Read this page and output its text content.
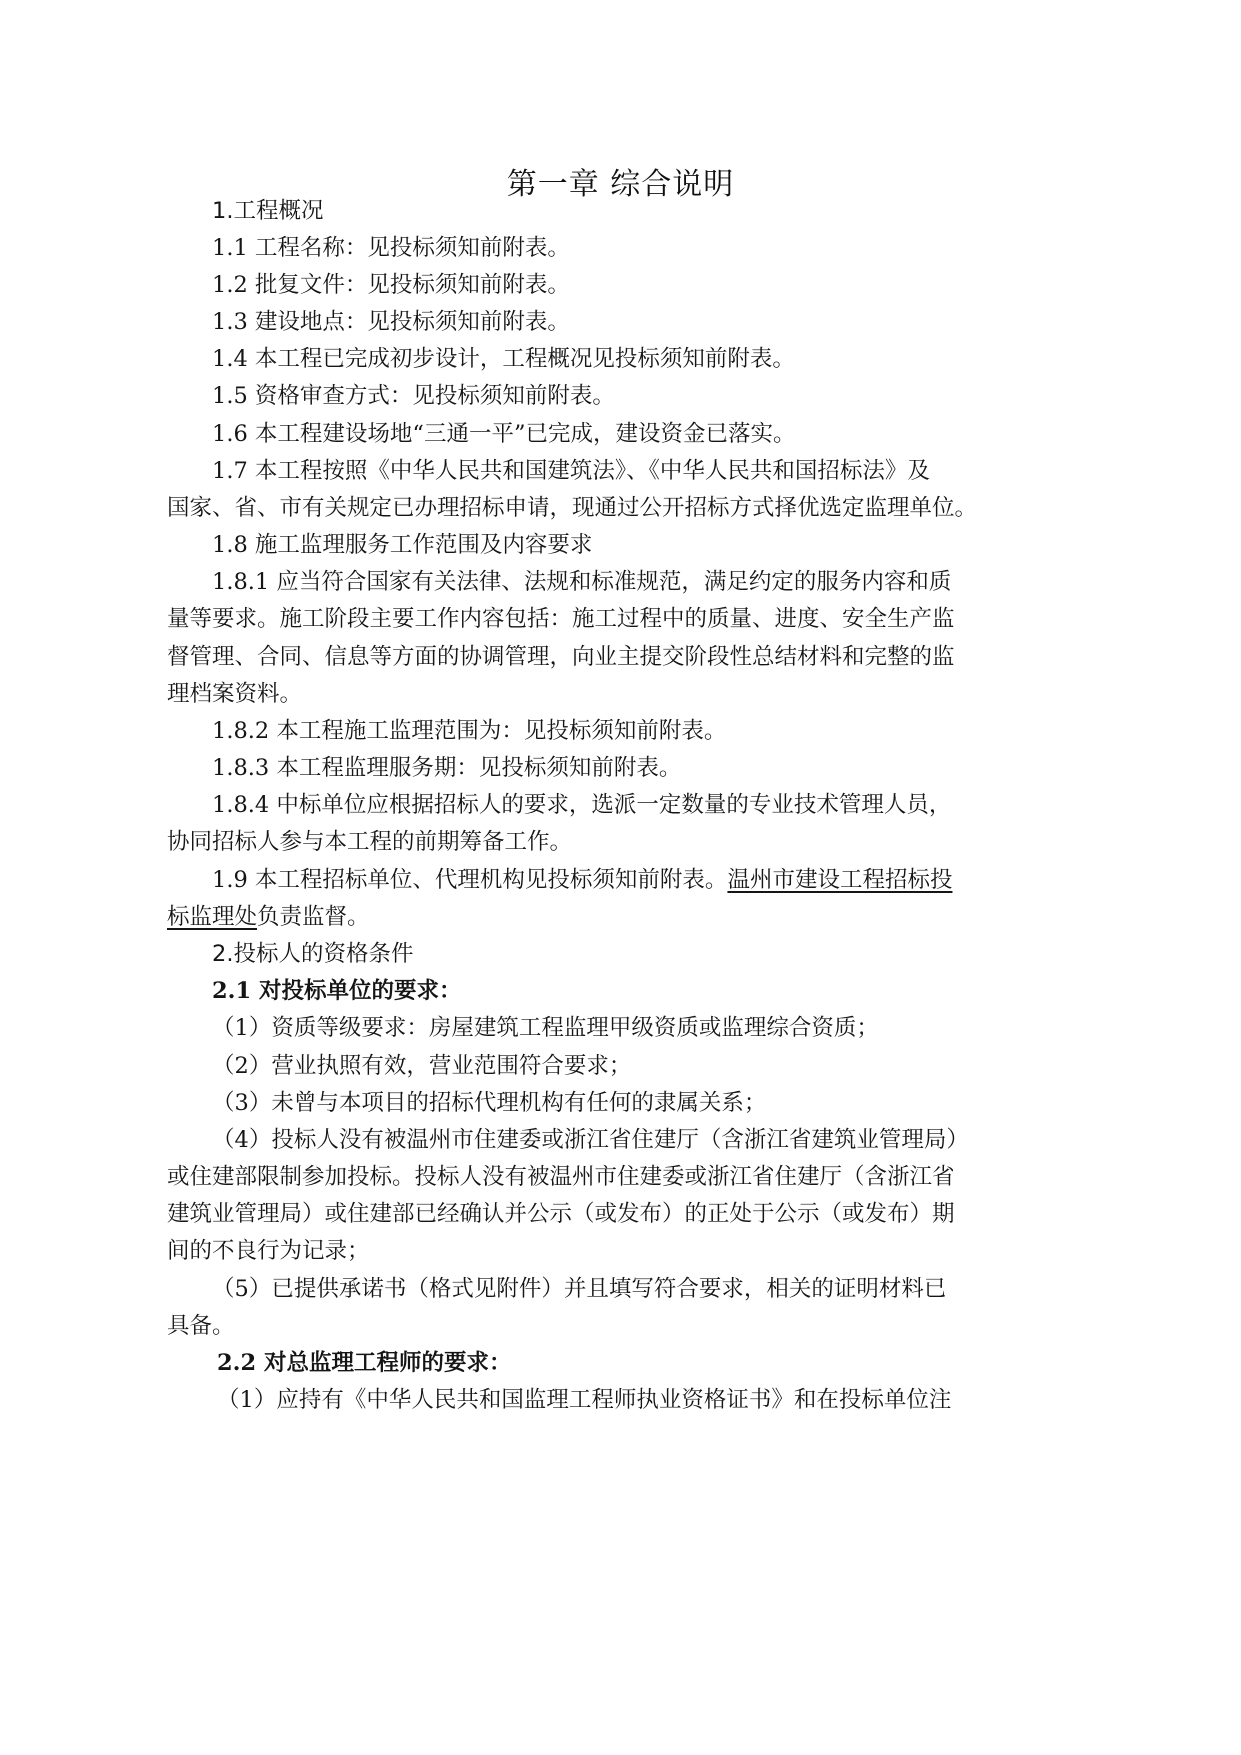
第一章 综合说明
1.工程概况
1.1 工程名称：见投标须知前附表。
1.2 批复文件：见投标须知前附表。
1.3 建设地点：见投标须知前附表。
1.4 本工程已完成初步设计，工程概况见投标须知前附表。
1.5 资格审查方式：见投标须知前附表。
1.6 本工程建设场地“三通一平”已完成，建设资金已落实。
1.7 本工程按照《中华人民共和国建筑法》、《中华人民共和国招标法》及
国家、省、市有关规定已办理招标申请，现通过公开招标方式择优选定监理单位。
1.8 施工监理服务工作范围及内容要求
1.8.1 应当符合国家有关法律、法规和标准规范，满足约定的服务内容和质
量等要求。施工阶段主要工作内容包括：施工过程中的质量、进度、安全生产监
督管理、合同、信息等方面的协调管理，向业主提交阶段性总结材料和完整的监
理档案资料。
1.8.2 本工程施工监理范围为：见投标须知前附表。
1.8.3 本工程监理服务期：见投标须知前附表。
1.8.4 中标单位应根据招标人的要求，选派一定数量的专业技术管理人员，
协同招标人参与本工程的前期筹备工作。
1.9 本工程招标单位、代理机构见投标须知前附表。温州市建设工程招标投
标监理处负责监督。
2.投标人的资格条件
2.1 对投标单位的要求：
（1）资质等级要求：房屋建筑工程监理甲级资质或监理综合资质；
（2）营业执照有效，营业范围符合要求；
（3）未曾与本项目的招标代理机构有任何的隶属关系；
（4）投标人没有被温州市住建委或浙江省住建厅（含浙江省建筑业管理局）
或住建部限制参加投标。投标人没有被温州市住建委或浙江省住建厅（含浙江省
建筑业管理局）或住建部已经确认并公示（或发布）的正处于公示（或发布）期
间的不良行为记录；
（5）已提供承诺书（格式见附件）并且填写符合要求，相关的证明材料已
具备。
2.2 对总监理工程师的要求：
（1）应持有《中华人民共和国监理工程师执业资格证书》和在投标单位注
